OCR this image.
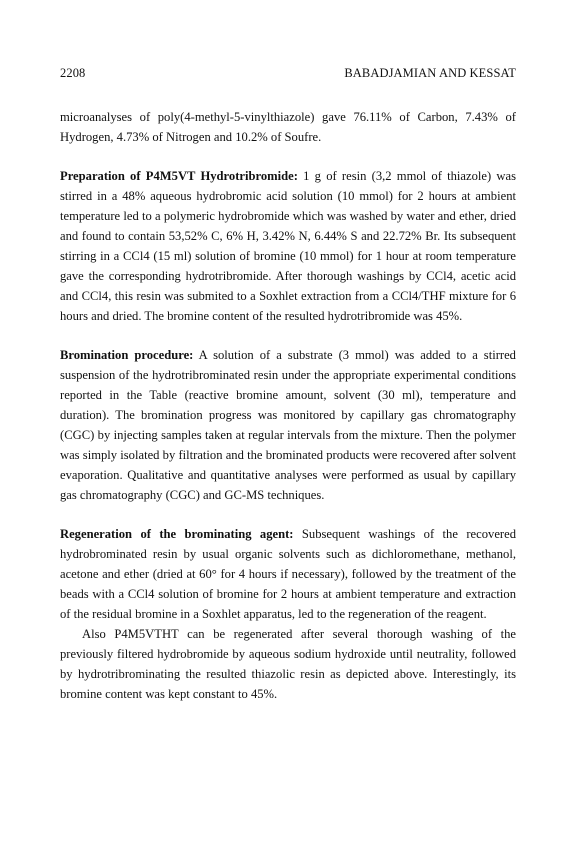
2208	BABADJAMIAN AND KESSAT

microanalyses of poly(4-methyl-5-vinylthiazole) gave 76.11% of Carbon, 7.43% of Hydrogen, 4.73% of Nitrogen and 10.2% of Soufre.

Preparation of P4M5VT Hydrotribromide: 1 g of resin (3,2 mmol of thiazole) was stirred in a 48% aqueous hydrobromic acid solution (10 mmol) for 2 hours at ambient temperature led to a polymeric hydrobromide which was washed by water and ether, dried and found to contain 53,52% C, 6% H, 3.42% N, 6.44% S and 22.72% Br. Its subsequent stirring in a CCl4 (15 ml) solution of bromine (10 mmol) for 1 hour at room temperature gave the corresponding hydrotribromide. After thorough washings by CCl4, acetic acid and CCl4, this resin was submited to a Soxhlet extraction from a CCl4/THF mixture for 6 hours and dried. The bromine content of the resulted hydrotribromide was 45%.

Bromination procedure: A solution of a substrate (3 mmol) was added to a stirred suspension of the hydrotribrominated resin under the appropriate experimental conditions reported in the Table (reactive bromine amount, solvent (30 ml), temperature and duration). The bromination progress was monitored by capillary gas chromatography (CGC) by injecting samples taken at regular intervals from the mixture. Then the polymer was simply isolated by filtration and the brominated products were recovered after solvent evaporation. Qualitative and quantitative analyses were performed as usual by capillary gas chromatography (CGC) and GC-MS techniques.

Regeneration of the brominating agent: Subsequent washings of the recovered hydrobrominated resin by usual organic solvents such as dichloromethane, methanol, acetone and ether (dried at 60° for 4 hours if necessary), followed by the treatment of the beads with a CCl4 solution of bromine for 2 hours at ambient temperature and extraction of the residual bromine in a Soxhlet apparatus, led to the regeneration of the reagent.

Also P4M5VTHT can be regenerated after several thorough washing of the previously filtered hydrobromide by aqueous sodium hydroxide until neutrality, followed by hydrotribrominating the resulted thiazolic resin as depicted above. Interestingly, its bromine content was kept constant to 45%.
